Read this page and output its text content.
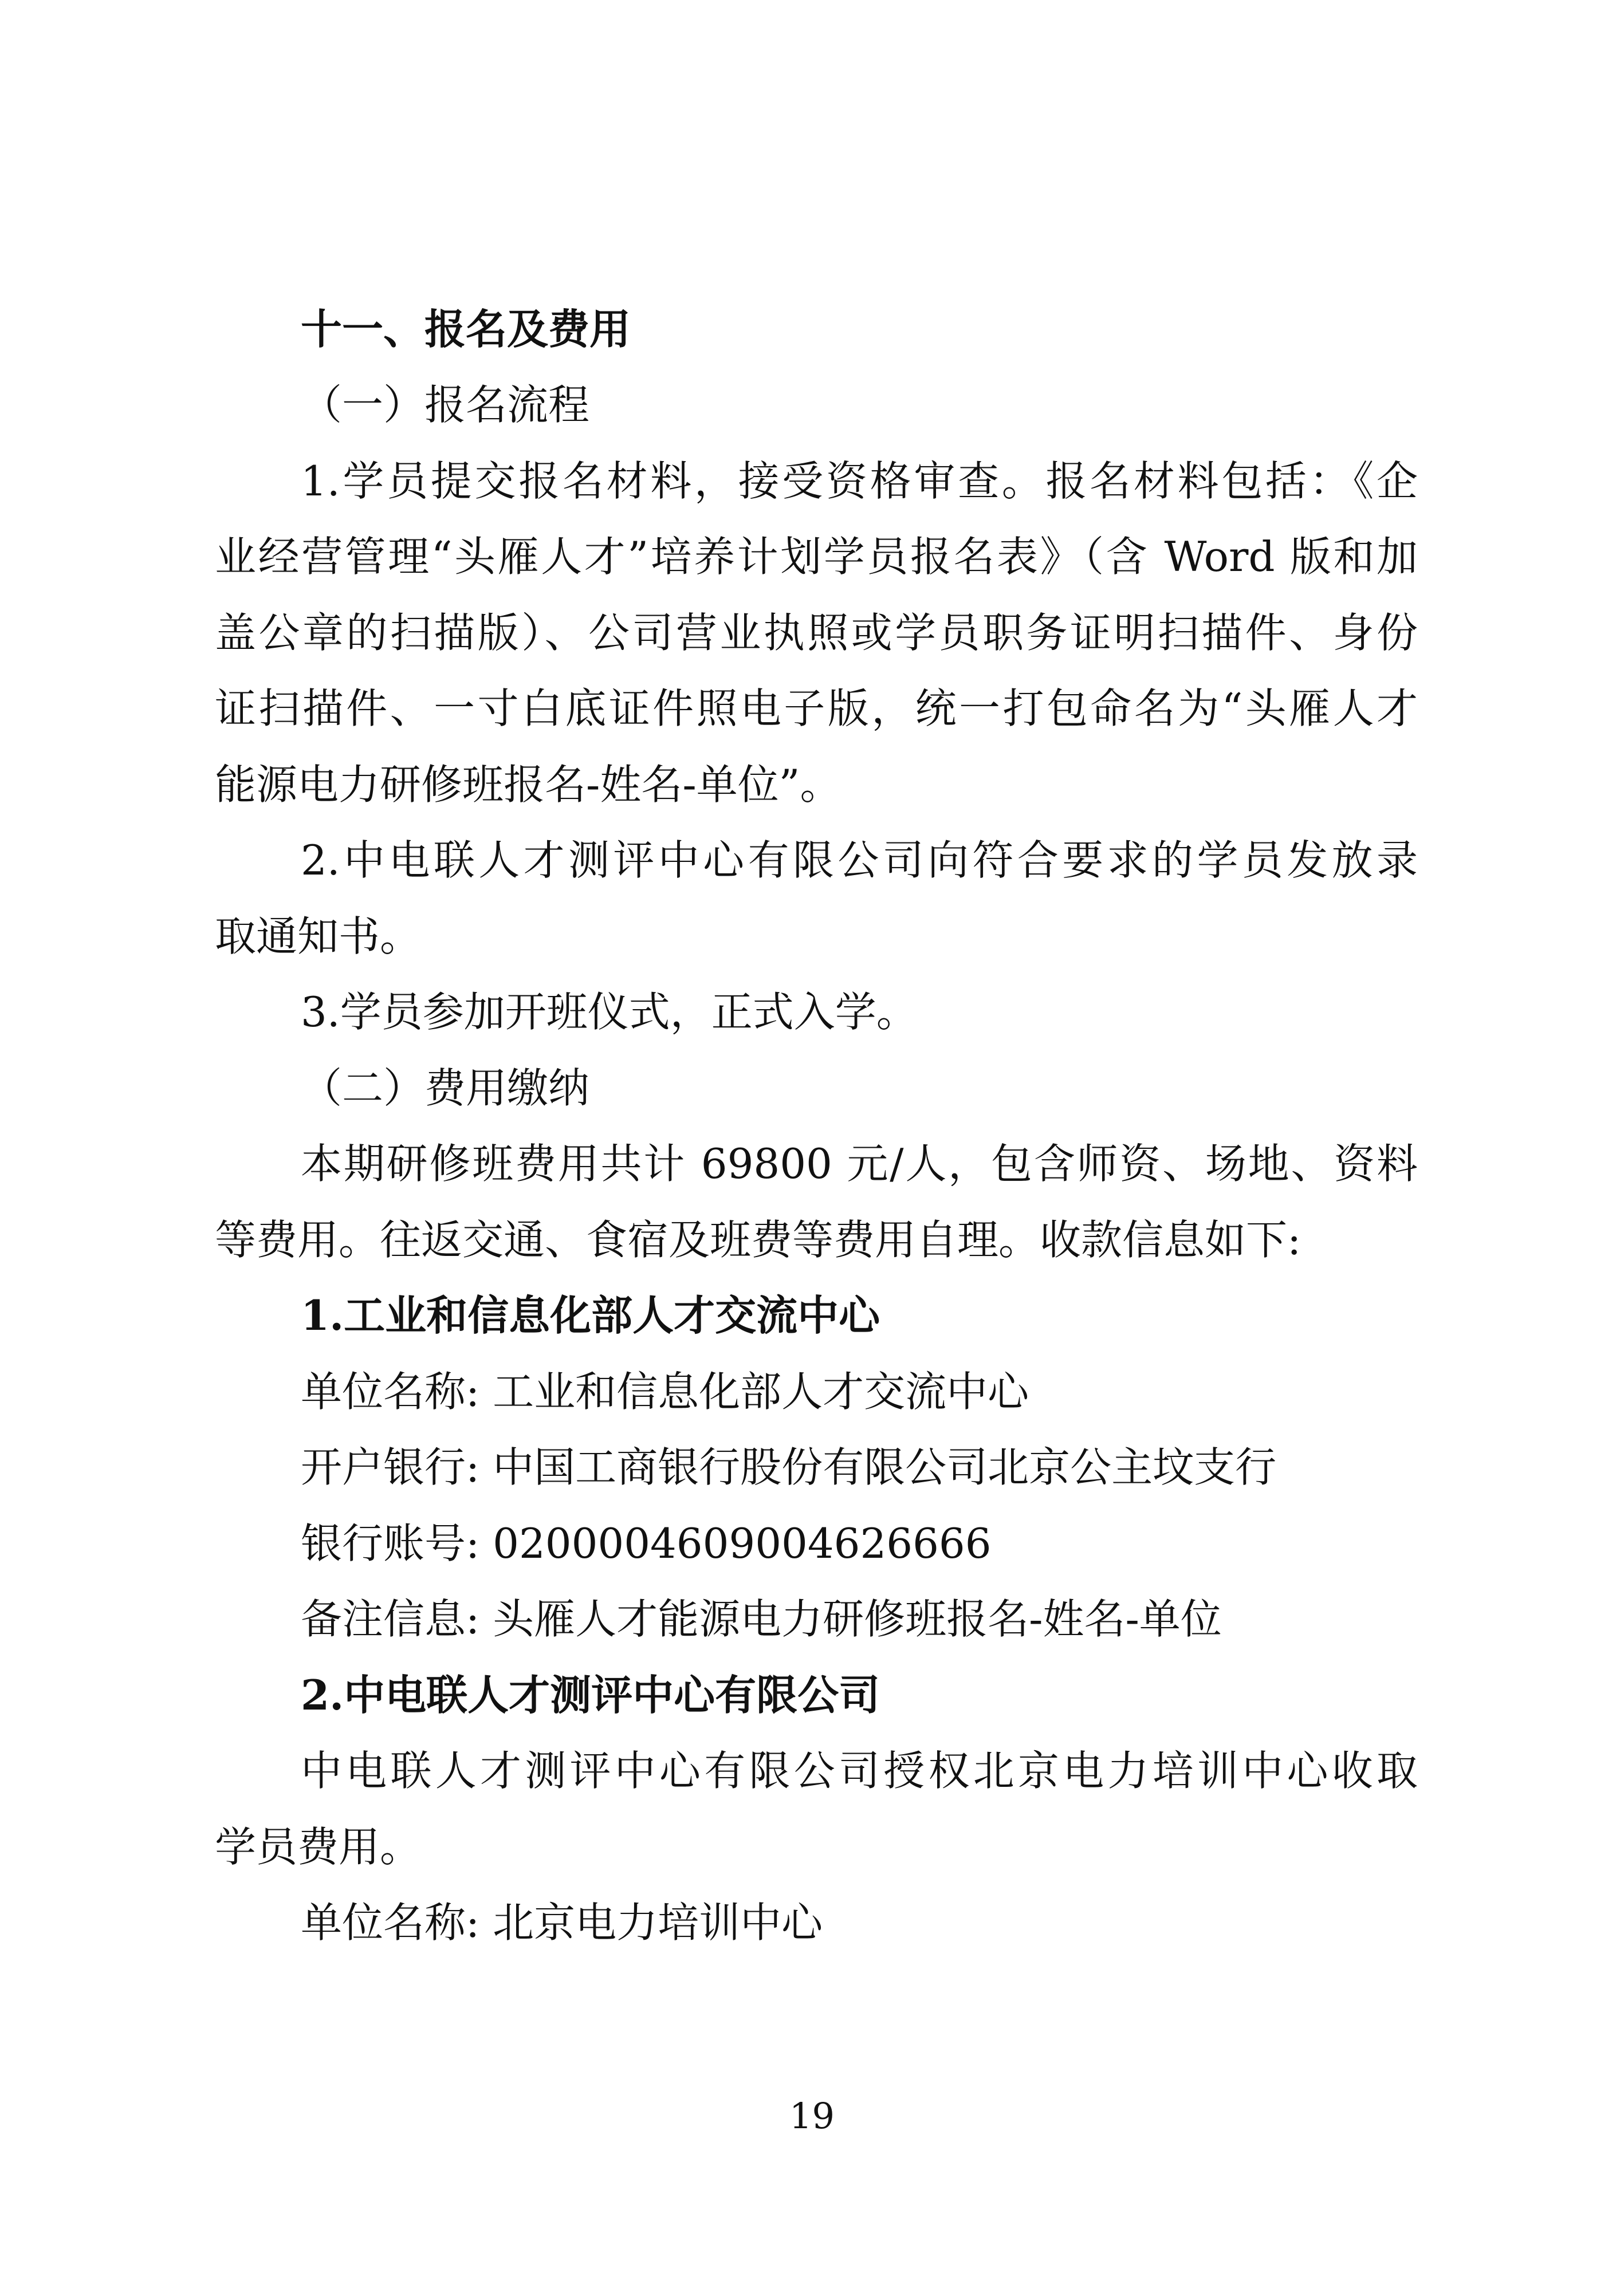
十一、报名及费用
（一）报名流程
1.学员提交报名材料，接受资格审查。报名材料包括：《企
业经营管理“头雁人才”培养计划学员报名表》（含 Word 版和加
盖公章的扫描版）、公司营业执照或学员职务证明扫描件、身份
证扫描件、一寸白底证件照电子版，统一打包命名为“头雁人才
能源电力研修班报名-姓名-单位”。
2.中电联人才测评中心有限公司向符合要求的学员发放录
取通知书。
3.学员参加开班仪式，正式入学。
（二）费用缴纳
本期研修班费用共计 69800 元/人，包含师资、场地、资料
等费用。往返交通、食宿及班费等费用自理。收款信息如下:
1.工业和信息化部人才交流中心
单位名称: 工业和信息化部人才交流中心
开户银行: 中国工商银行股份有限公司北京公主坟支行
银行账号: 0200004609004626666
备注信息: 头雁人才能源电力研修班报名-姓名-单位
2.中电联人才测评中心有限公司
中电联人才测评中心有限公司授权北京电力培训中心收取
学员费用。
单位名称: 北京电力培训中心
19
